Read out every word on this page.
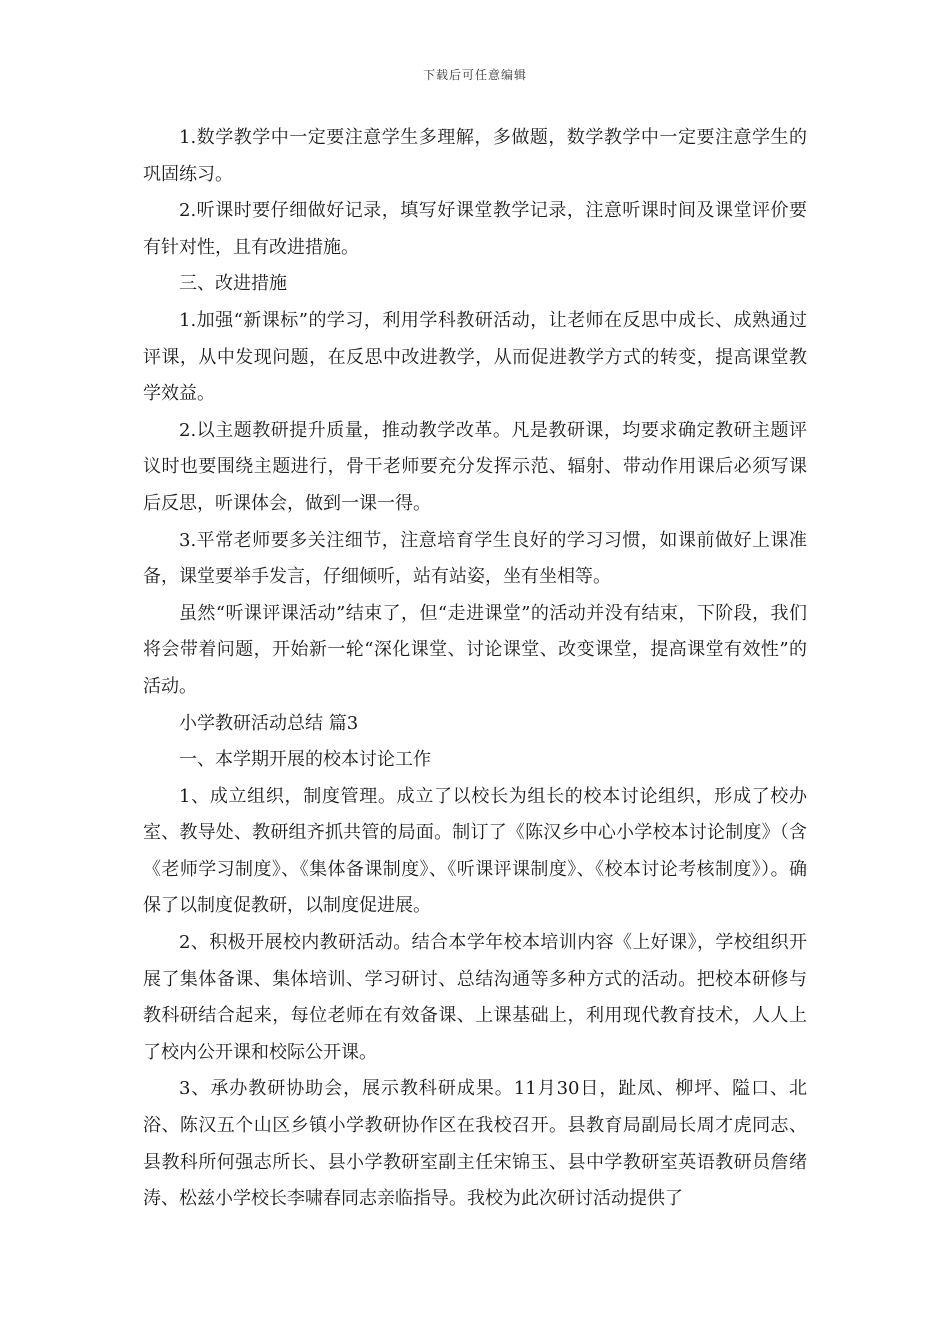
下载后可任意编辑

1.数学教学中一定要注意学生多理解，多做题，数学教学中一定要注意学生的巩固练习。

2.听课时要仔细做好记录，填写好课堂教学记录，注意听课时间及课堂评价要有针对性，且有改进措施。

三、改进措施

1.加强“新课标”的学习，利用学科教研活动，让老师在反思中成长、成熟通过评课，从中发现问题，在反思中改进教学，从而促进教学方式的转变，提高课堂教学效益。

2.以主题教研提升质量，推动教学改革。凡是教研课，均要求确定教研主题评议时也要围绕主题进行，骨干老师要充分发挥示范、辐射、带动作用课后必须写课后反思，听课体会，做到一课一得。

3.平常老师要多关注细节，注意培育学生良好的学习习惯，如课前做好上课准备，课堂要举手发言，仔细倾听，站有站姿，坐有坐相等。

虽然“听课评课活动”结束了，但“走进课堂”的活动并没有结束，下阶段，我们将会带着问题，开始新一轮“深化课堂、讨论课堂、改变课堂，提高课堂有效性”的活动。

小学教研活动总结 篇3

一、本学期开展的校本讨论工作

1、成立组织，制度管理。成立了以校长为组长的校本讨论组织，形成了校办室、教导处、教研组齐抓共管的局面。制订了《陈汉乡中心小学校本讨论制度》（含《老师学习制度》、《集体备课制度》、《听课评课制度》、《校本讨论考核制度》）。确保了以制度促教研，以制度促进展。

2、积极开展校内教研活动。结合本学年校本培训内容《上好课》，学校组织开展了集体备课、集体培训、学习研讨、总结沟通等多种方式的活动。把校本研修与教科研结合起来，每位老师在有效备课、上课基础上，利用现代教育技术，人人上了校内公开课和校际公开课。

3、承办教研协助会，展示教科研成果。11月30日，趾凤、柳坪、隘口、北浴、陈汉五个山区乡镇小学教研协作区在我校召开。县教育局副局长周才虎同志、县教科所何强志所长、县小学教研室副主任宋锦玉、县中学教研室英语教研员詹绪涛、松兹小学校长李啸春同志亲临指导。我校为此次研讨活动提供了
